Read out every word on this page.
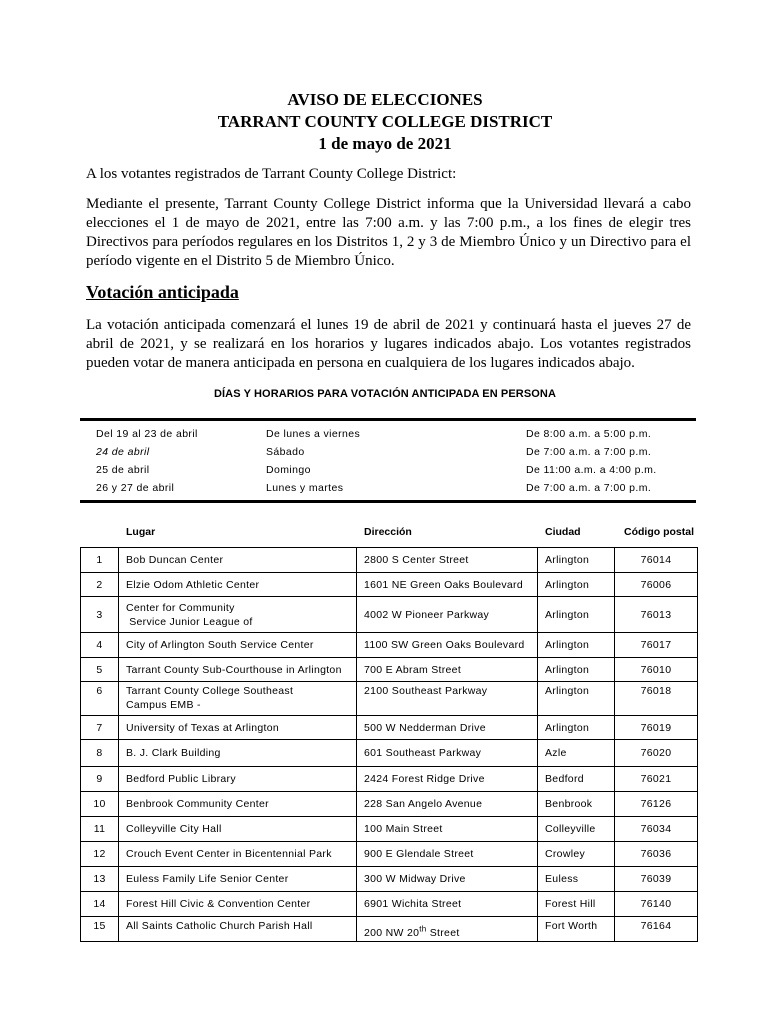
AVISO DE ELECCIONES
TARRANT COUNTY COLLEGE DISTRICT
1 de mayo de 2021
A los votantes registrados de Tarrant County College District:
Mediante el presente, Tarrant County College District informa que la Universidad llevará a cabo elecciones el 1 de mayo de 2021, entre las 7:00 a.m. y las 7:00 p.m., a los fines de elegir tres Directivos para períodos regulares en los Distritos 1, 2 y 3 de Miembro Único y un Directivo para el período vigente en el Distrito 5 de Miembro Único.
Votación anticipada
La votación anticipada comenzará el lunes 19 de abril de 2021 y continuará hasta el jueves 27 de abril de 2021, y se realizará en los horarios y lugares indicados abajo. Los votantes registrados pueden votar de manera anticipada en persona en cualquiera de los lugares indicados abajo.
DÍAS Y HORARIOS PARA VOTACIÓN ANTICIPADA EN PERSONA
Del 19 al 23 de abril	De lunes a viernes	De 8:00 a.m. a 5:00 p.m.
24 de abril	Sábado	De 7:00 a.m. a 7:00 p.m.
25 de abril	Domingo	De 11:00 a.m. a 4:00 p.m.
26 y 27 de abril	Lunes y martes	De 7:00 a.m. a 7:00 p.m.
Lugar	Dirección	Ciudad	Código postal
1	Bob Duncan Center	2800 S Center Street	Arlington	76014
2	Elzie Odom Athletic Center	1601 NE Green Oaks Boulevard	Arlington	76006
3	Center for Community
Service Junior League of	4002 W Pioneer Parkway	Arlington	76013
4	City of Arlington South Service Center	1100 SW Green Oaks Boulevard	Arlington	76017
5	Tarrant County Sub-Courthouse in Arlington	700 E Abram Street	Arlington	76010
6	Tarrant County College Southeast
Campus EMB -	2100 Southeast Parkway	Arlington	76018
7	University of Texas at Arlington	500 W Nedderman Drive	Arlington	76019
8	B. J. Clark Building	601 Southeast Parkway	Azle	76020
9	Bedford Public Library	2424 Forest Ridge Drive	Bedford	76021
10	Benbrook Community Center	228 San Angelo Avenue	Benbrook	76126
11	Colleyville City Hall	100 Main Street	Colleyville	76034
12	Crouch Event Center in Bicentennial Park	900 E Glendale Street	Crowley	76036
13	Euless Family Life Senior Center	300 W Midway Drive	Euless	76039
14	Forest Hill Civic & Convention Center	6901 Wichita Street	Forest Hill	76140
15	All Saints Catholic Church Parish Hall	200 NW 20th Street	Fort Worth	76164
